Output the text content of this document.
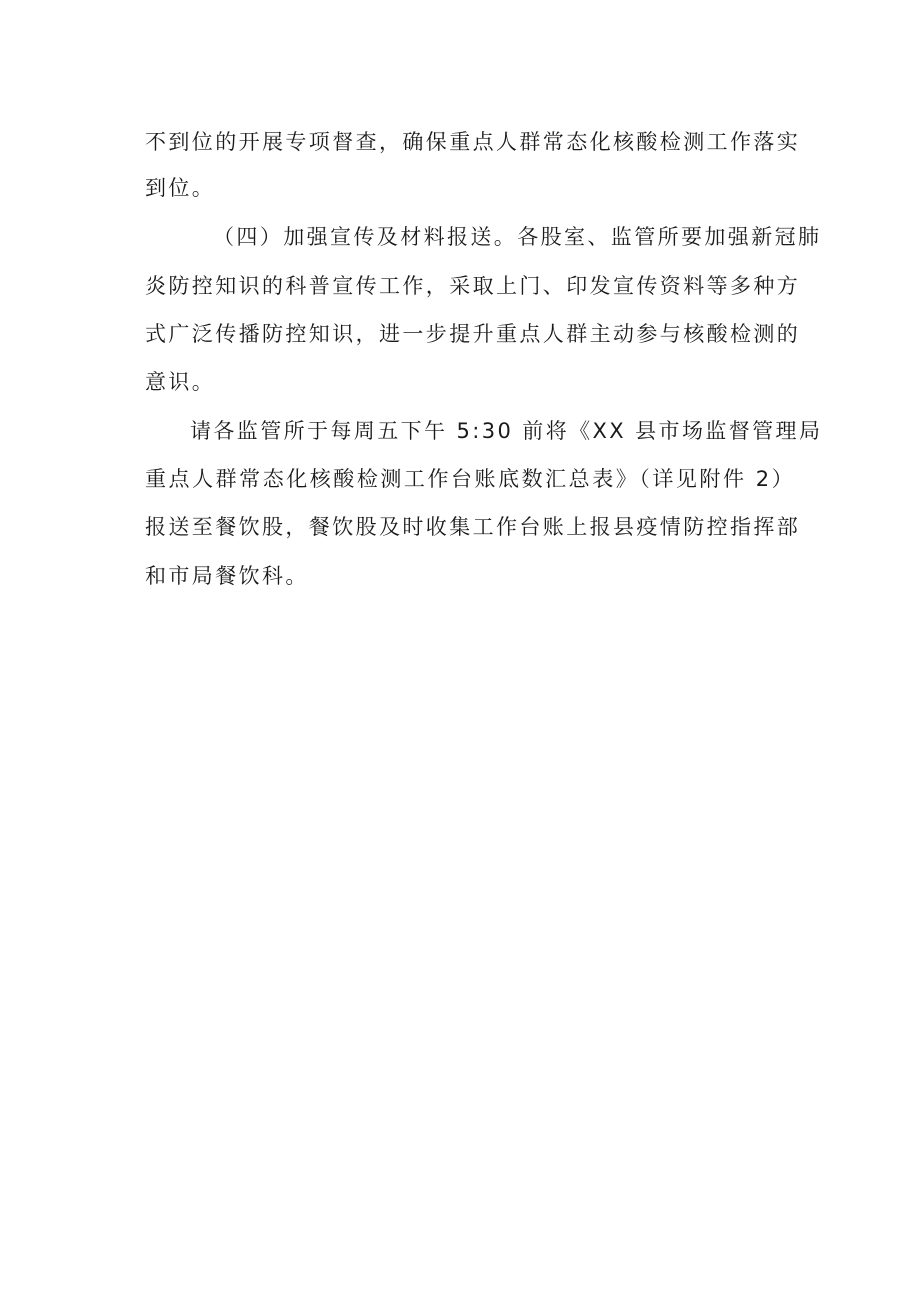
不到位的开展专项督查，确保重点人群常态化核酸检测工作落实
到位。
（四）加强宣传及材料报送。各股室、监管所要加强新冠肺
炎防控知识的科普宣传工作，采取上门、印发宣传资料等多种方
式广泛传播防控知识，进一步提升重点人群主动参与核酸检测的
意识。
请各监管所于每周五下午 5:30 前将《XX 县市场监督管理局
重点人群常态化核酸检测工作台账底数汇总表》（详见附件 2）
报送至餐饮股，餐饮股及时收集工作台账上报县疫情防控指挥部
和市局餐饮科。
